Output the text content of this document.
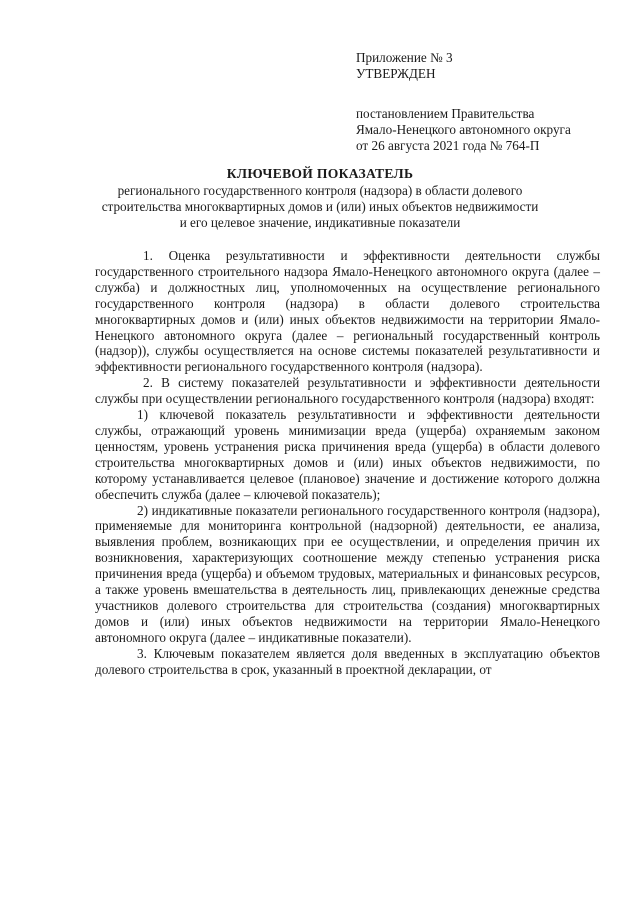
Приложение № 3
УТВЕРЖДЕН
постановлением Правительства
Ямало-Ненецкого автономного округа
от 26 августа 2021 года № 764-П
КЛЮЧЕВОЙ ПОКАЗАТЕЛЬ
регионального государственного контроля (надзора) в области долевого
строительства многоквартирных домов и (или) иных объектов недвижимости
и его целевое значение, индикативные показатели

1. Оценка результативности и эффективности деятельности службы государственного строительного надзора Ямало-Ненецкого автономного округа (далее – служба) и должностных лиц, уполномоченных на осуществление регионального государственного контроля (надзора) в области долевого строительства многоквартирных домов и (или) иных объектов недвижимости на территории Ямало-Ненецкого автономного округа (далее – региональный государственный контроль (надзор)), службы осуществляется на основе системы показателей результативности и эффективности регионального государственного контроля (надзора).

2. В систему показателей результативности и эффективности деятельности службы при осуществлении регионального государственного контроля (надзора) входят:

1) ключевой показатель результативности и эффективности деятельности службы, отражающий уровень минимизации вреда (ущерба) охраняемым законом ценностям, уровень устранения риска причинения вреда (ущерба) в области долевого строительства многоквартирных домов и (или) иных объектов недвижимости, по которому устанавливается целевое (плановое) значение и достижение которого должна обеспечить служба (далее – ключевой показатель);

2) индикативные показатели регионального государственного контроля (надзора), применяемые для мониторинга контрольной (надзорной) деятельности, ее анализа, выявления проблем, возникающих при ее осуществлении, и определения причин их возникновения, характеризующих соотношение между степенью устранения риска причинения вреда (ущерба) и объемом трудовых, материальных и финансовых ресурсов, а также уровень вмешательства в деятельность лиц, привлекающих денежные средства участников долевого строительства для строительства (создания) многоквартирных домов и (или) иных объектов недвижимости на территории Ямало-Ненецкого автономного округа (далее – индикативные показатели).

3. Ключевым показателем является доля введенных в эксплуатацию объектов долевого строительства в срок, указанный в проектной декларации, от
